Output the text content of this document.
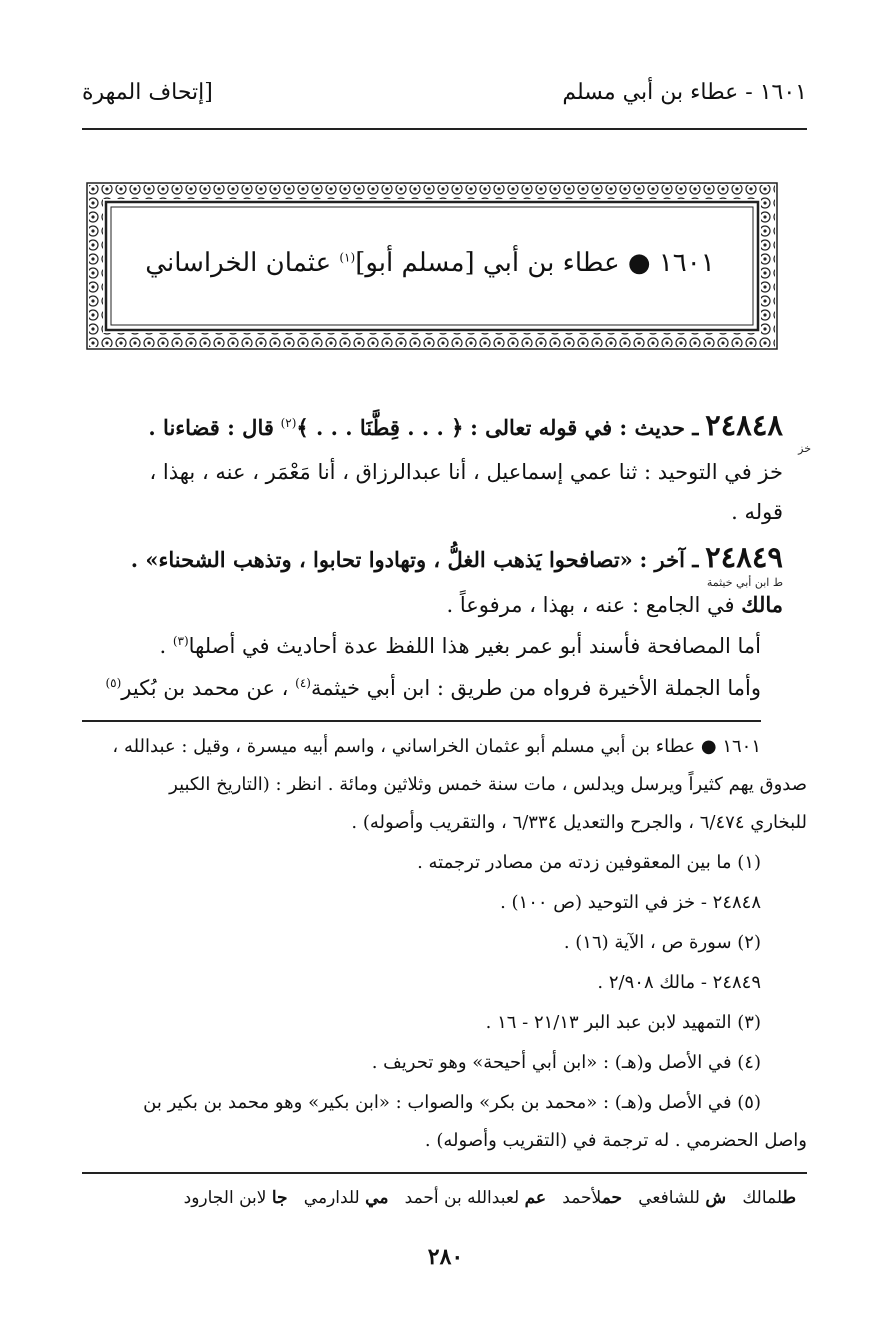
١٦٠١ - عطاء بن أبي مسلم
[إتحاف المهرة
١٦٠١ ● عطاء بن أبي [مسلم أبو]$^{(١)}$ عثمان الخراساني
٢٤٨٤٨ ـ حديث : في قوله تعالى : ﴿ . . . قِطَّنَا . . . ﴾$^{(٢)}$ قال : قضاءنا .
خز
خز في التوحيد : ثنا عمي إسماعيل ، أنا عبدالرزاق ، أنا مَعْمَر ، عنه ، بهذا ،
قوله .
٢٤٨٤٩ ـ آخر : «تصافحوا يَذهب الغلُّ ، وتهادوا تحابوا ، وتذهب الشحناء» .
ط ابن أبي خيثمة
مالك في الجامع : عنه ، بهذا ، مرفوعاً .
أما المصافحة فأسند أبو عمر بغير هذا اللفظ عدة أحاديث في أصلها$^{(٣)}$ .
وأما الجملة الأخيرة فرواه من طريق : ابن أبي خيثمة$^{(٤)}$ ، عن محمد بن بُكير$^{(٥)}$
١٦٠١ ● عطاء بن أبي مسلم أبو عثمان الخراساني ، واسم أبيه ميسرة ، وقيل : عبدالله ،
صدوق يهم كثيراً ويرسل ويدلس ، مات سنة خمس وثلاثين ومائة . انظر : (التاريخ الكبير
للبخاري ٦/٤٧٤ ، والجرح والتعديل ٦/٣٣٤ ، والتقريب وأصوله) .
(١) ما بين المعقوفين زدته من مصادر ترجمته .
٢٤٨٤٨ - خز في التوحيد (ص ١٠٠) .
(٢) سورة ص ، الآية (١٦) .
٢٤٨٤٩ - مالك ٢/٩٠٨ .
(٣) التمهيد لابن عبد البر ٢١/١٣ - ١٦ .
(٤) في الأصل و(هـ) : «ابن أبي أحيحة» وهو تحريف .
(٥) في الأصل و(هـ) : «محمد بن بكر» والصواب : «ابن بكير» وهو محمد بن بكير بن
واصل الحضرمي . له ترجمة في (التقريب وأصوله) .
طلمالك   ش للشافعي   حملأحمد   عم لعبدالله بن أحمد   مي للدارمي   جا لابن الجارود
٢٨٠
